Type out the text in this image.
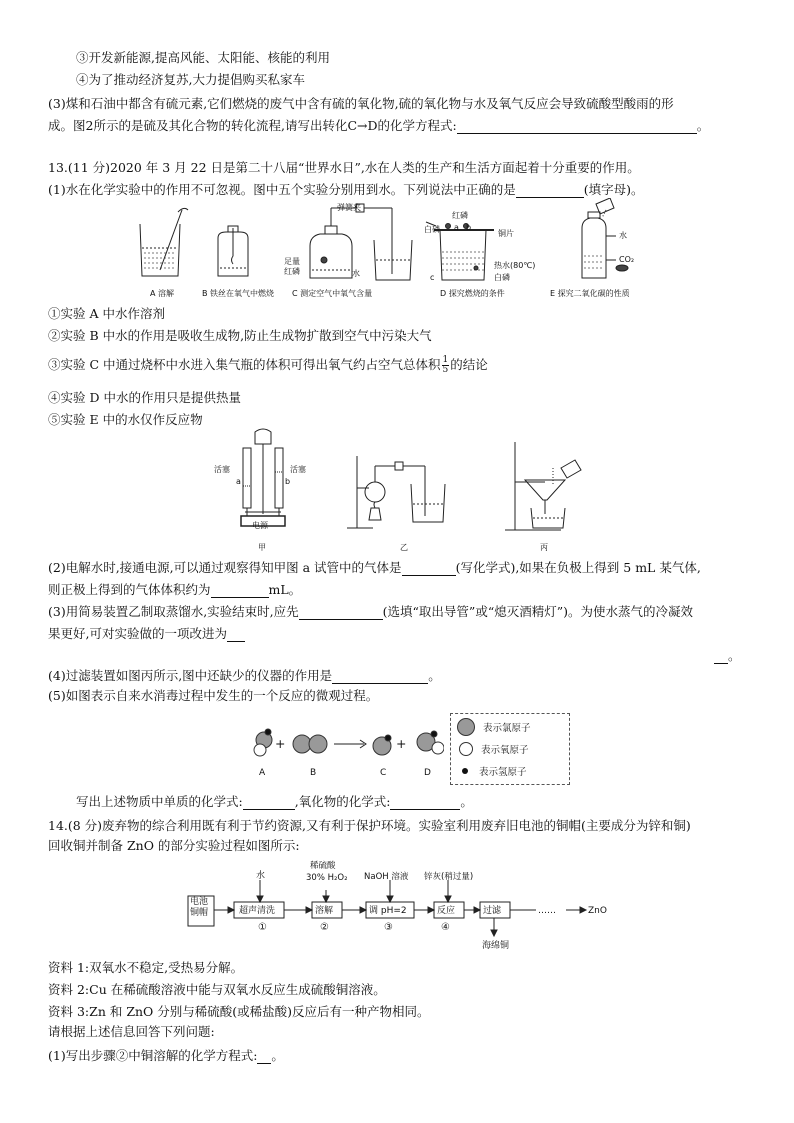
③开发新能源,提高风能、太阳能、核能的利用
④为了推动经济复苏,大力提倡购买私家车
(3)煤和石油中都含有硫元素,它们燃烧的废气中含有硫的氧化物,硫的氧化物与水及氧气反应会导致硫酸型酸雨的形
成。图2所示的是硫及其化合物的转化流程,请写出转化C→D的化学方程式:	。
13.(11 分)2020 年 3 月 22 日是第二十八届“世界水日”,水在人类的生产和生活方面起着十分重要的作用。
(1)水在化学实验中的作用不可忽视。图中五个实验分别用到水。下列说法中正确的是	(填字母)。
弹簧夹
足量
红磷	水
白磷
红磷
a b
铜片
热水(80℃)
c	白磷
水
CO₂
A 溶解	B 铁丝在氧气中燃烧 C 测定空气中氧气含量	D 探究燃烧的条件	E 探究二氧化碳的性质
①实验 A 中水作溶剂
②实验 B 中水的作用是吸收生成物,防止生成物扩散到空气中污染大气
③实验 C 中通过烧杯中水进入集气瓶的体积可得出氧气约占空气总体积 $\frac{1}{5}$ 的结论
④实验 D 中水的作用只是提供热量
⑤实验 E 中的水仅作反应物
活塞	活塞
a	b
电源
甲	乙	丙
(2)电解水时,接通电源,可以通过观察得知甲图 a 试管中的气体是	(写化学式),如果在负极上得到 5 mL 某气体,
则正极上得到的气体体积约为	mL。
(3)用简易装置乙制取蒸馏水,实验结束时,应先	(选填“取出导管”或“熄灭酒精灯”)。为使水蒸气的冷凝效
果更好,可对实验做的一项改进为
。
(4)过滤装置如图丙所示,图中还缺少的仪器的作用是	。
(5)如图表示自来水消毒过程中发生的一个反应的微观过程。
+	+
A	B	C	D
表示氯原子
表示氧原子
表示氢原子
写出上述物质中单质的化学式:	,氧化物的化学式:	。
14.(8 分)废弃物的综合利用既有利于节约资源,又有利于保护环境。实验室利用废弃旧电池的铜帽(主要成分为锌和铜)
回收铜并制备 ZnO 的部分实验过程如图所示:
电池
铜帽
水
稀硫酸
30% H₂O₂ NaOH 溶液 锌灰(稍过量)
超声清洗	溶解	调 pH=2	反应	过滤	……	ZnO
①	②	③	④
海绵铜
资料 1:双氧水不稳定,受热易分解。
资料 2:Cu 在稀硫酸溶液中能与双氧水反应生成硫酸铜溶液。
资料 3:Zn 和 ZnO 分别与稀硫酸(或稀盐酸)反应后有一种产物相同。
请根据上述信息回答下列问题:
(1)写出步骤②中铜溶解的化学方程式: 。
